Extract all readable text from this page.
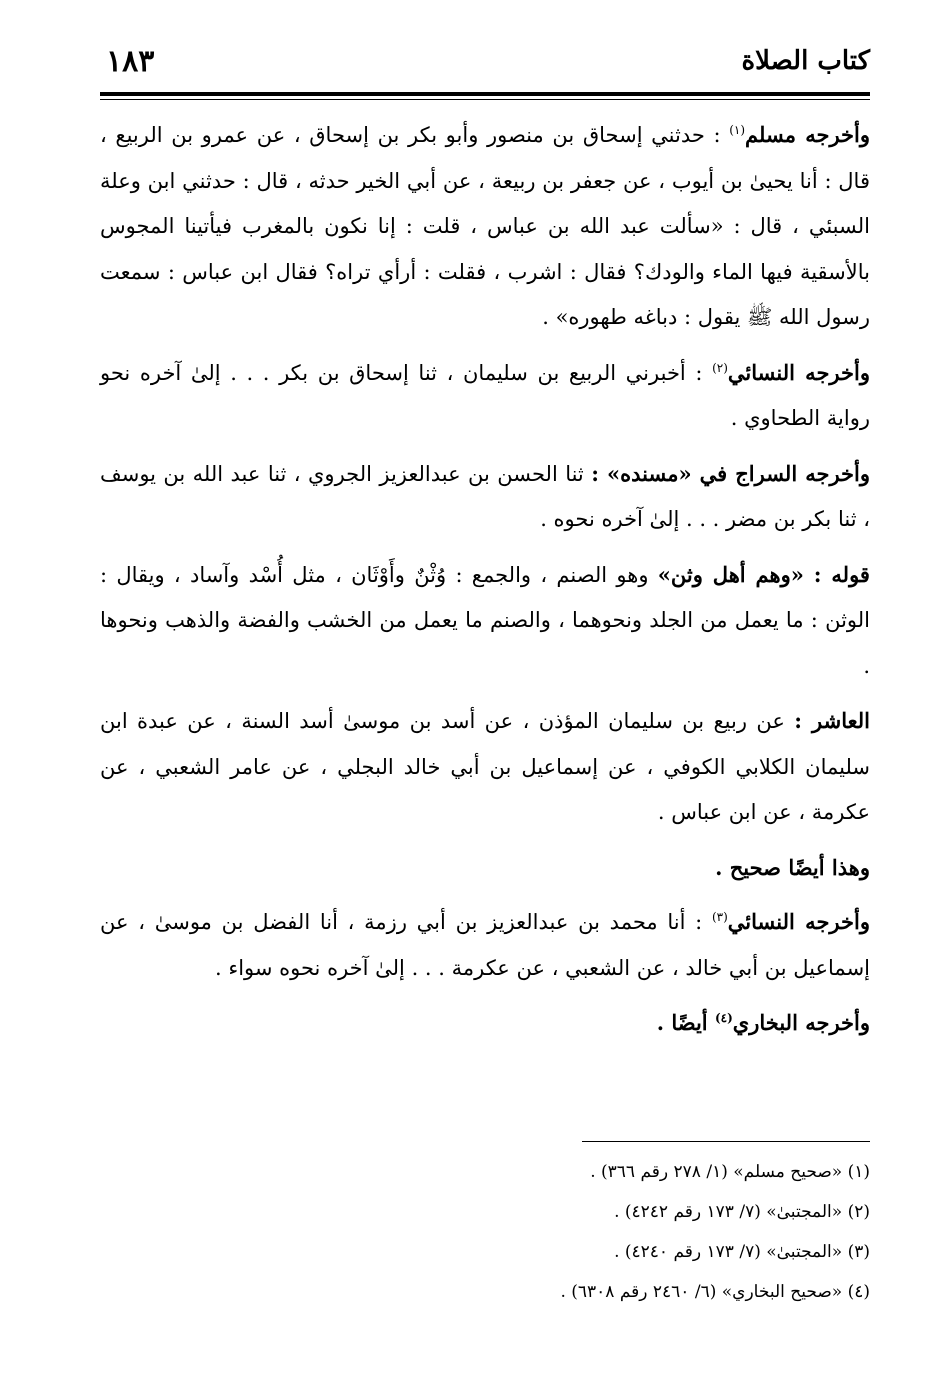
كتاب الصلاة
١٨٣

وأخرجه مسلم$^{(١)}$ : حدثني إسحاق بن منصور وأبو بكر بن إسحاق ، عن عمرو بن الربيع ، قال : أنا يحيىٰ بن أيوب ، عن جعفر بن ربيعة ، عن أبي الخير حدثه ، قال : حدثني ابن وعلة السبئي ، قال : «سألت عبد الله بن عباس ، قلت : إنا نكون بالمغرب فيأتينا المجوس بالأسقية فيها الماء والودك؟ فقال : اشرب ، فقلت : أرأي تراه؟ فقال ابن عباس : سمعت رسول الله ﷺ يقول : دباغه طهوره» .

وأخرجه النسائي$^{(٢)}$ : أخبرني الربيع بن سليمان ، ثنا إسحاق بن بكر . . . إلىٰ آخره نحو رواية الطحاوي .

وأخرجه السراج في «مسنده» : ثنا الحسن بن عبدالعزيز الجروي ، ثنا عبد الله بن يوسف ، ثنا بكر بن مضر . . . إلىٰ آخره نحوه .

قوله : «وهم أهل وثن» وهو الصنم ، والجمع : وُثْنٌ وأَوْثَان ، مثل أُسْد وآساد ، ويقال : الوثن : ما يعمل من الجلد ونحوهما ، والصنم ما يعمل من الخشب والفضة والذهب ونحوها .

العاشر : عن ربيع بن سليمان المؤذن ، عن أسد بن موسىٰ أسد السنة ، عن عبدة ابن سليمان الكلابي الكوفي ، عن إسماعيل بن أبي خالد البجلي ، عن عامر الشعبي ، عن عكرمة ، عن ابن عباس .

وهذا أيضًا صحيح .

وأخرجه النسائي$^{(٣)}$ : أنا محمد بن عبدالعزيز بن أبي رزمة ، أنا الفضل بن موسىٰ ، عن إسماعيل بن أبي خالد ، عن الشعبي ، عن عكرمة . . . إلىٰ آخره نحوه سواء .

وأخرجه البخاري$^{(٤)}$ أيضًا .

(١) «صحيح مسلم» (١/ ٢٧٨ رقم ٣٦٦) .

(٢) «المجتبىٰ» (٧/ ١٧٣ رقم ٤٢٤٢) .

(٣) «المجتبىٰ» (٧/ ١٧٣ رقم ٤٢٤٠) .

(٤) «صحيح البخاري» (٦/ ٢٤٦٠ رقم ٦٣٠٨) .
